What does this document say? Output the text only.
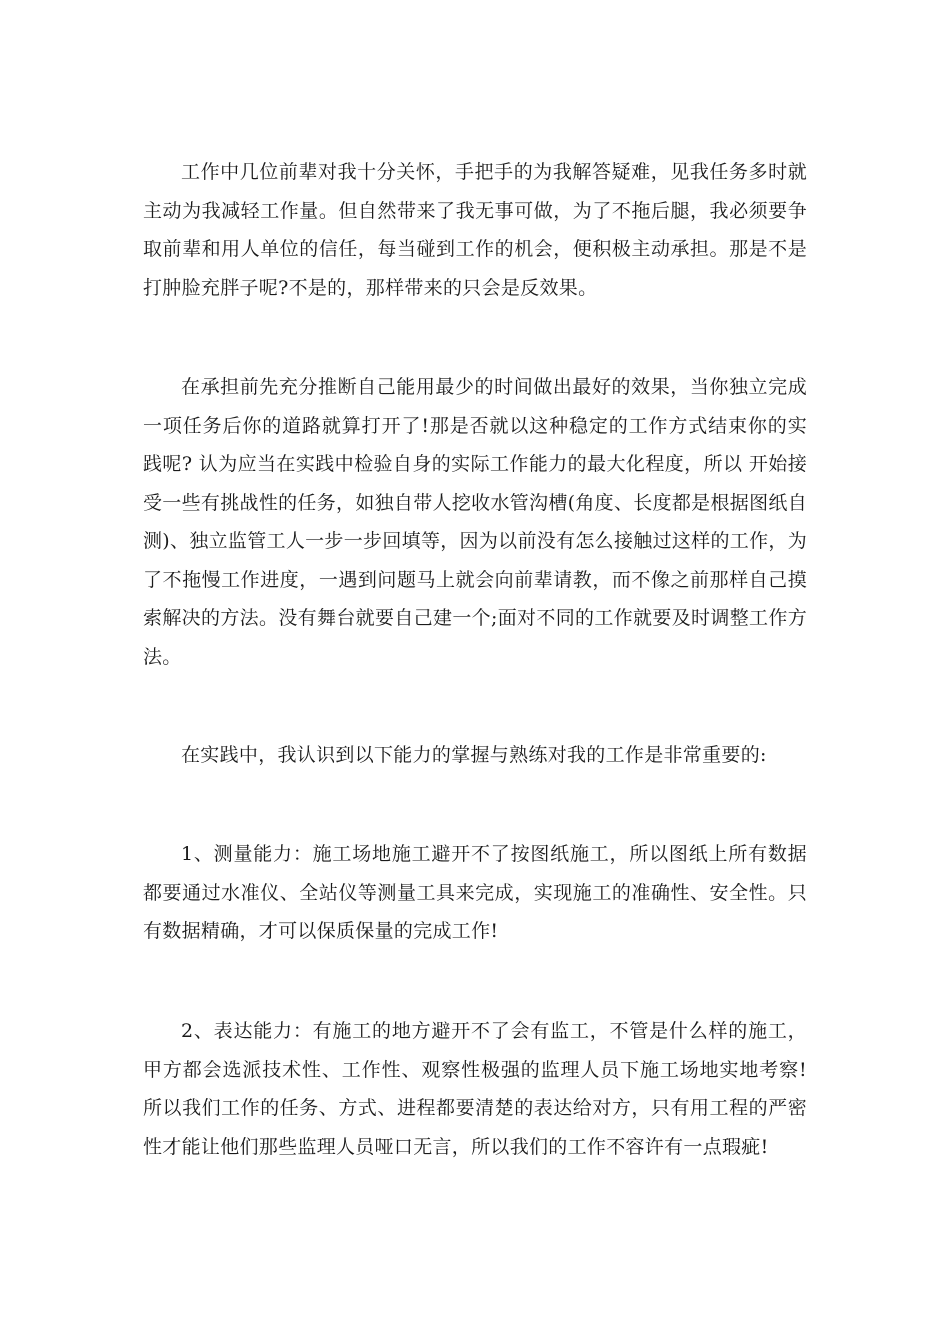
工作中几位前辈对我十分关怀，手把手的为我解答疑难，见我任务多时就主动为我减轻工作量。但自然带来了我无事可做，为了不拖后腿，我必须要争取前辈和用人单位的信任，每当碰到工作的机会，便积极主动承担。那是不是打肿脸充胖子呢?不是的，那样带来的只会是反效果。

在承担前先充分推断自己能用最少的时间做出最好的效果，当你独立完成一项任务后你的道路就算打开了!那是否就以这种稳定的工作方式结束你的实践呢? 认为应当在实践中检验自身的实际工作能力的最大化程度，所以 开始接受一些有挑战性的任务，如独自带人挖收水管沟槽(角度、长度都是根据图纸自测)、独立监管工人一步一步回填等，因为以前没有怎么接触过这样的工作，为了不拖慢工作进度，一遇到问题马上就会向前辈请教，而不像之前那样自己摸索解决的方法。没有舞台就要自己建一个;面对不同的工作就要及时调整工作方法。

在实践中，我认识到以下能力的掌握与熟练对我的工作是非常重要的:

1、测量能力：施工场地施工避开不了按图纸施工，所以图纸上所有数据都要通过水准仪、全站仪等测量工具来完成，实现施工的准确性、安全性。只有数据精确，才可以保质保量的完成工作!

2、表达能力：有施工的地方避开不了会有监工，不管是什么样的施工，甲方都会选派技术性、工作性、观察性极强的监理人员下施工场地实地考察!所以我们工作的任务、方式、进程都要清楚的表达给对方，只有用工程的严密性才能让他们那些监理人员哑口无言，所以我们的工作不容许有一点瑕疵!
